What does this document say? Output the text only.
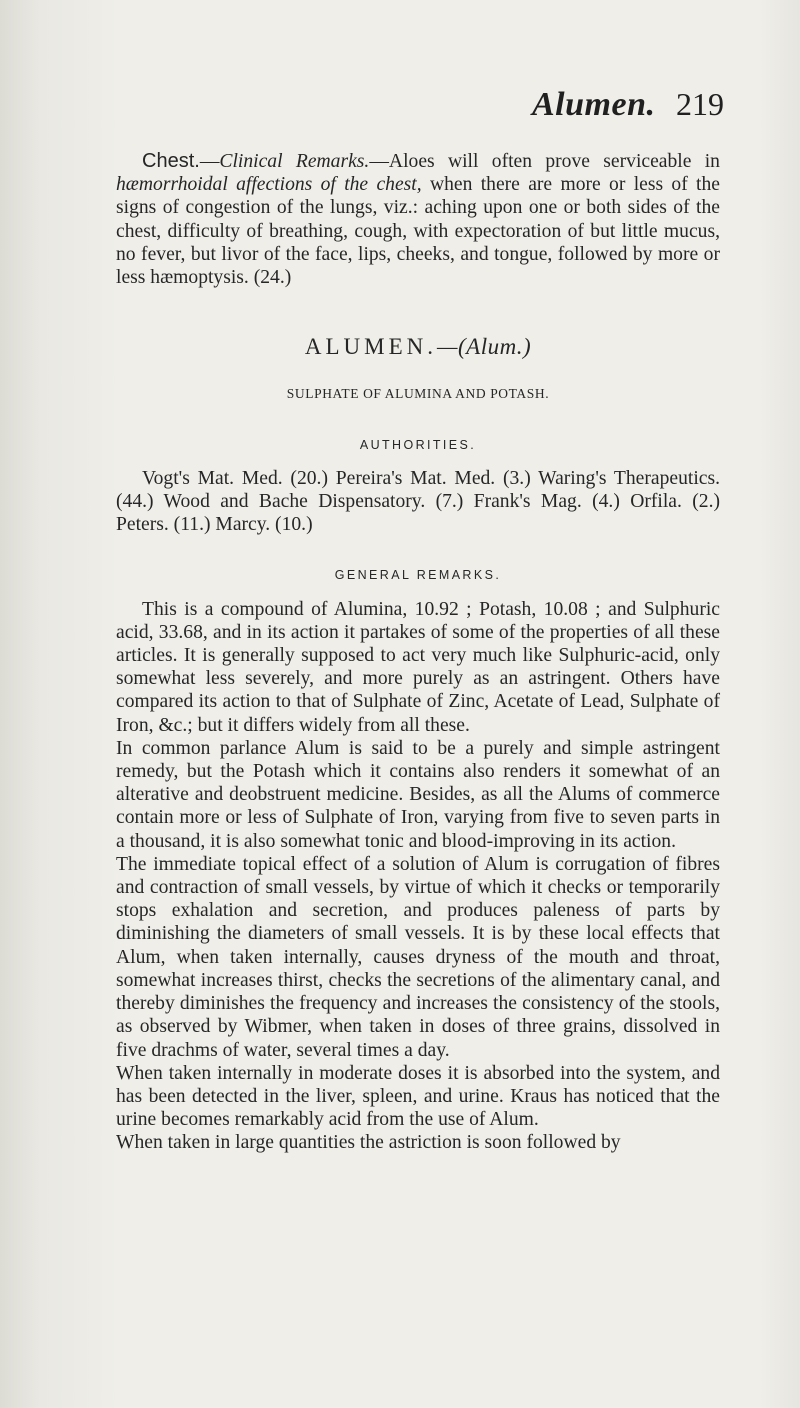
Alumen. 219

Chest.—Clinical Remarks.—Aloes will often prove serviceable in hæmorrhoidal affections of the chest, when there are more or less of the signs of congestion of the lungs, viz.: aching upon one or both sides of the chest, difficulty of breathing, cough, with expectoration of but little mucus, no fever, but livor of the face, lips, cheeks, and tongue, followed by more or less hæmoptysis. (24.)

ALUMEN.—(Alum.)

SULPHATE OF ALUMINA AND POTASH.

AUTHORITIES.

Vogt's Mat. Med. (20.) Pereira's Mat. Med. (3.) Waring's Therapeutics. (44.) Wood and Bache Dispensatory. (7.) Frank's Mag. (4.) Orfila. (2.) Peters. (11.) Marcy. (10.)

GENERAL REMARKS.

This is a compound of Alumina, 10.92 ; Potash, 10.08 ; and Sulphuric acid, 33.68, and in its action it partakes of some of the properties of all these articles. It is generally supposed to act very much like Sulphuric-acid, only somewhat less severely, and more purely as an astringent. Others have compared its action to that of Sulphate of Zinc, Acetate of Lead, Sulphate of Iron, &c.; but it differs widely from all these.

In common parlance Alum is said to be a purely and simple astringent remedy, but the Potash which it contains also renders it somewhat of an alterative and deobstruent medicine. Besides, as all the Alums of commerce contain more or less of Sulphate of Iron, varying from five to seven parts in a thousand, it is also somewhat tonic and blood-improving in its action.

The immediate topical effect of a solution of Alum is corrugation of fibres and contraction of small vessels, by virtue of which it checks or temporarily stops exhalation and secretion, and produces paleness of parts by diminishing the diameters of small vessels. It is by these local effects that Alum, when taken internally, causes dryness of the mouth and throat, somewhat increases thirst, checks the secretions of the alimentary canal, and thereby diminishes the frequency and increases the consistency of the stools, as observed by Wibmer, when taken in doses of three grains, dissolved in five drachms of water, several times a day.

When taken internally in moderate doses it is absorbed into the system, and has been detected in the liver, spleen, and urine. Kraus has noticed that the urine becomes remarkably acid from the use of Alum.

When taken in large quantities the astriction is soon followed by
